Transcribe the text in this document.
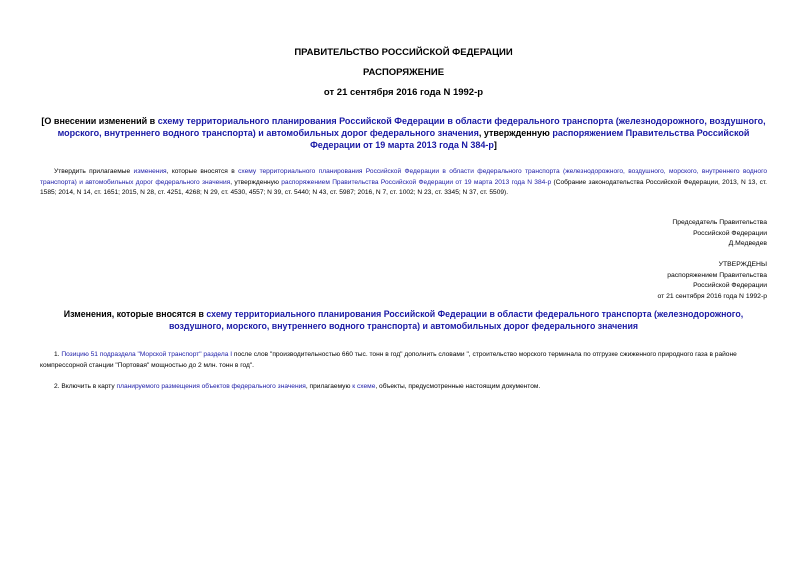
ПРАВИТЕЛЬСТВО РОССИЙСКОЙ ФЕДЕРАЦИИ
РАСПОРЯЖЕНИЕ
от 21 сентября 2016 года N 1992-р
[О внесении изменений в схему территориального планирования Российской Федерации в области федерального транспорта (железнодорожного, воздушного, морского, внутреннего водного транспорта) и автомобильных дорог федерального значения, утвержденную распоряжением Правительства Российской Федерации от 19 марта 2013 года N 384-р]
Утвердить прилагаемые изменения, которые вносятся в схему территориального планирования Российской Федерации в области федерального транспорта (железнодорожного, воздушного, морского, внутреннего водного транспорта) и автомобильных дорог федерального значения, утвержденную распоряжением Правительства Российской Федерации от 19 марта 2013 года N 384-р (Собрание законодательства Российской Федерации, 2013, N 13, ст. 1585; 2014, N 14, ст. 1651; 2015, N 28, ст. 4251, 4268; N 29, ст. 4530, 4557; N 39, ст. 5440; N 43, ст. 5987; 2016, N 7, ст. 1002; N 23, ст. 3345; N 37, ст. 5509).
Председатель Правительства
Российской Федерации
Д.Медведев
УТВЕРЖДЕНЫ
распоряжением Правительства
Российской Федерации
от 21 сентября 2016 года N 1992-р
Изменения, которые вносятся в схему территориального планирования Российской Федерации в области федерального транспорта (железнодорожного, воздушного, морского, внутреннего водного транспорта) и автомобильных дорог федерального значения
1. Позицию 51 подраздела "Морской транспорт" раздела I после слов "производительностью 660 тыс. тонн в год" дополнить словами ", строительство морского терминала по отгрузке сжиженного природного газа в районе компрессорной станции "Портовая" мощностью до 2 млн. тонн в год".
2. Включить в карту планируемого размещения объектов федерального значения, прилагаемую к схеме, объекты, предусмотренные настоящим документом.
